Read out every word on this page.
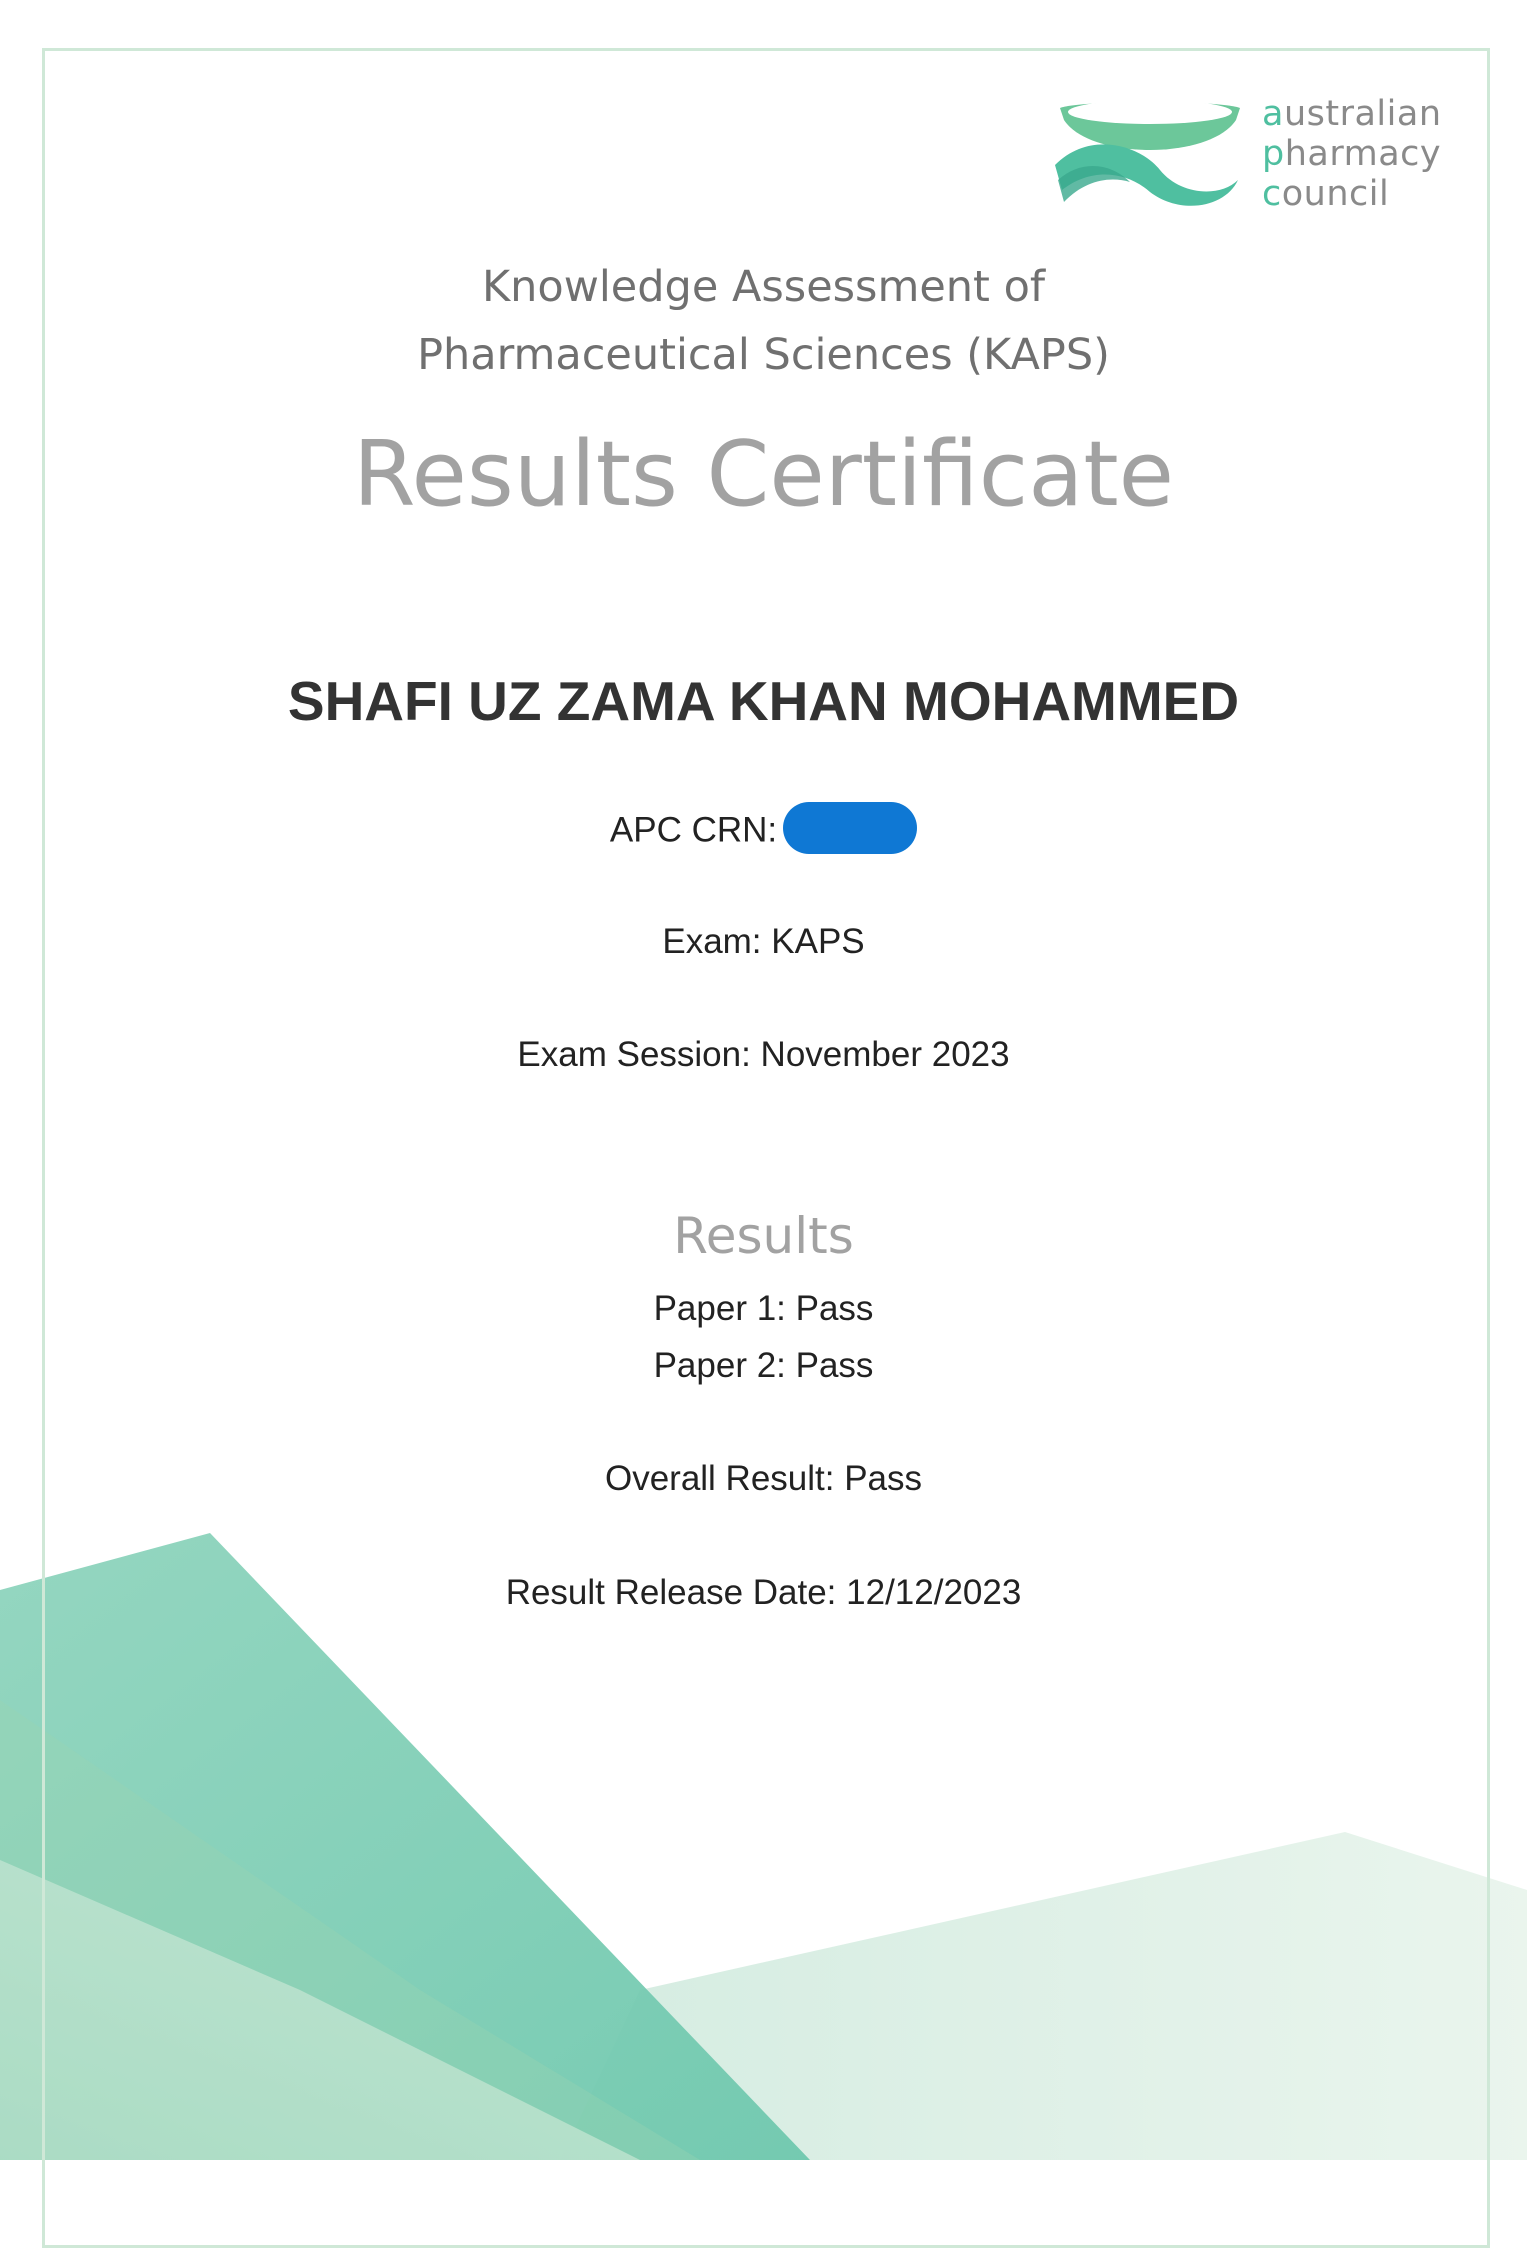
australian
pharmacy
council
Knowledge Assessment of
Pharmaceutical Sciences (KAPS)
Results Certificate
SHAFI UZ ZAMA KHAN MOHAMMED
APC CRN:
Exam: KAPS
Exam Session: November 2023
Results
Paper 1: Pass
Paper 2: Pass
Overall Result: Pass
Result Release Date: 12/12/2023
